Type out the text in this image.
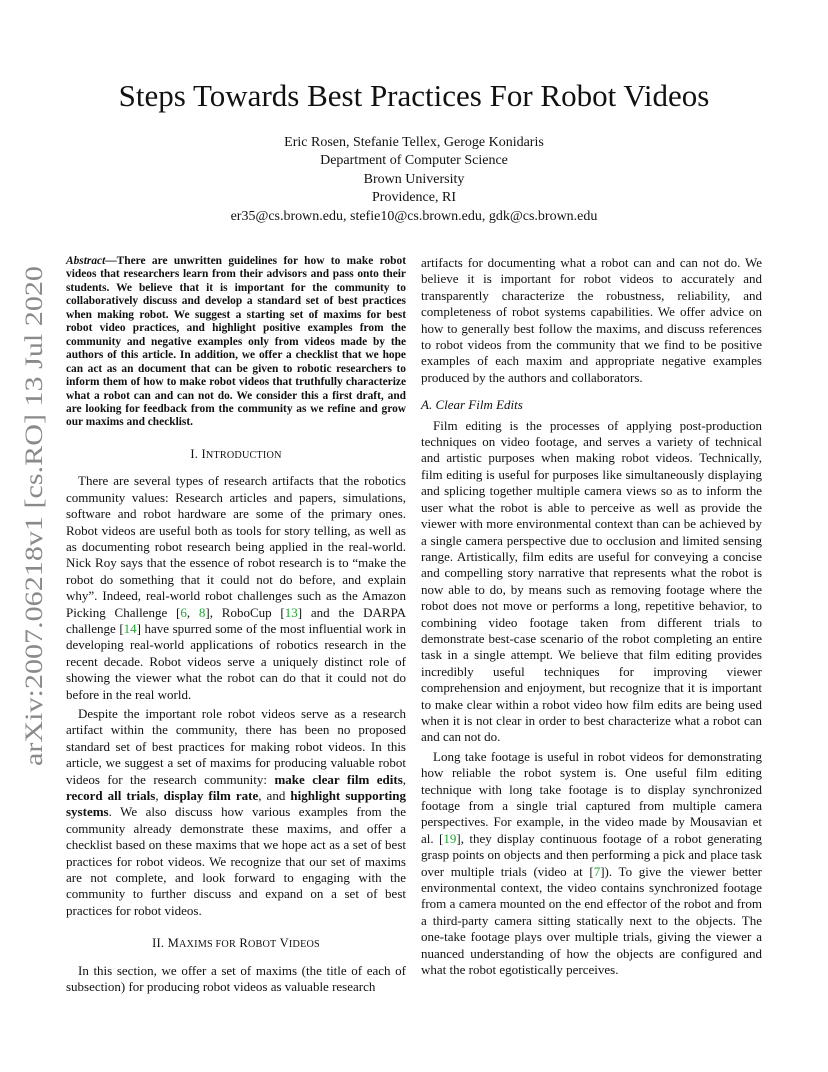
arXiv:2007.06218v1 [cs.RO] 13 Jul 2020
Steps Towards Best Practices For Robot Videos
Eric Rosen, Stefanie Tellex, Geroge Konidaris
Department of Computer Science
Brown University
Providence, RI
er35@cs.brown.edu, stefie10@cs.brown.edu, gdk@cs.brown.edu

Abstract—There are unwritten guidelines for how to make robot videos that researchers learn from their advisors and pass onto their students. We believe that it is important for the community to collaboratively discuss and develop a standard set of best practices when making robot. We suggest a starting set of maxims for best robot video practices, and highlight positive examples from the community and negative examples only from videos made by the authors of this article. In addition, we offer a checklist that we hope can act as an document that can be given to robotic researchers to inform them of how to make robot videos that truthfully characterize what a robot can and can not do. We consider this a first draft, and are looking for feedback from the community as we refine and grow our maxims and checklist.

I. INTRODUCTION

There are several types of research artifacts that the robotics community values: Research articles and papers, simulations, software and robot hardware are some of the primary ones. Robot videos are useful both as tools for story telling, as well as as documenting robot research being applied in the real-world. Nick Roy says that the essence of robot research is to “make the robot do something that it could not do before, and explain why”. Indeed, real-world robot challenges such as the Amazon Picking Challenge [6, 8], RoboCup [13] and the DARPA challenge [14] have spurred some of the most influential work in developing real-world applications of robotics research in the recent decade. Robot videos serve a uniquely distinct role of showing the viewer what the robot can do that it could not do before in the real world.

Despite the important role robot videos serve as a research artifact within the community, there has been no proposed standard set of best practices for making robot videos. In this article, we suggest a set of maxims for producing valuable robot videos for the research community: make clear film edits, record all trials, display film rate, and highlight supporting systems. We also discuss how various examples from the community already demonstrate these maxims, and offer a checklist based on these maxims that we hope act as a set of best practices for robot videos. We recognize that our set of maxims are not complete, and look forward to engaging with the community to further discuss and expand on a set of best practices for robot videos.

II. MAXIMS FOR ROBOT VIDEOS

In this section, we offer a set of maxims (the title of each of subsection) for producing robot videos as valuable research

artifacts for documenting what a robot can and can not do. We believe it is important for robot videos to accurately and transparently characterize the robustness, reliability, and completeness of robot systems capabilities. We offer advice on how to generally best follow the maxims, and discuss references to robot videos from the community that we find to be positive examples of each maxim and appropriate negative examples produced by the authors and collaborators.

A. Clear Film Edits

Film editing is the processes of applying post-production techniques on video footage, and serves a variety of technical and artistic purposes when making robot videos. Technically, film editing is useful for purposes like simultaneously displaying and splicing together multiple camera views so as to inform the user what the robot is able to perceive as well as provide the viewer with more environmental context than can be achieved by a single camera perspective due to occlusion and limited sensing range. Artistically, film edits are useful for conveying a concise and compelling story narrative that represents what the robot is now able to do, by means such as removing footage where the robot does not move or performs a long, repetitive behavior, to combining video footage taken from different trials to demonstrate best-case scenario of the robot completing an entire task in a single attempt. We believe that film editing provides incredibly useful techniques for improving viewer comprehension and enjoyment, but recognize that it is important to make clear within a robot video how film edits are being used when it is not clear in order to best characterize what a robot can and can not do.

Long take footage is useful in robot videos for demonstrating how reliable the robot system is. One useful film editing technique with long take footage is to display synchronized footage from a single trial captured from multiple camera perspectives. For example, in the video made by Mousavian et al. [19], they display continuous footage of a robot generating grasp points on objects and then performing a pick and place task over multiple trials (video at [7]). To give the viewer better environmental context, the video contains synchronized footage from a camera mounted on the end effector of the robot and from a third-party camera sitting statically next to the objects. The one-take footage plays over multiple trials, giving the viewer a nuanced understanding of how the objects are configured and what the robot egotistically perceives.
